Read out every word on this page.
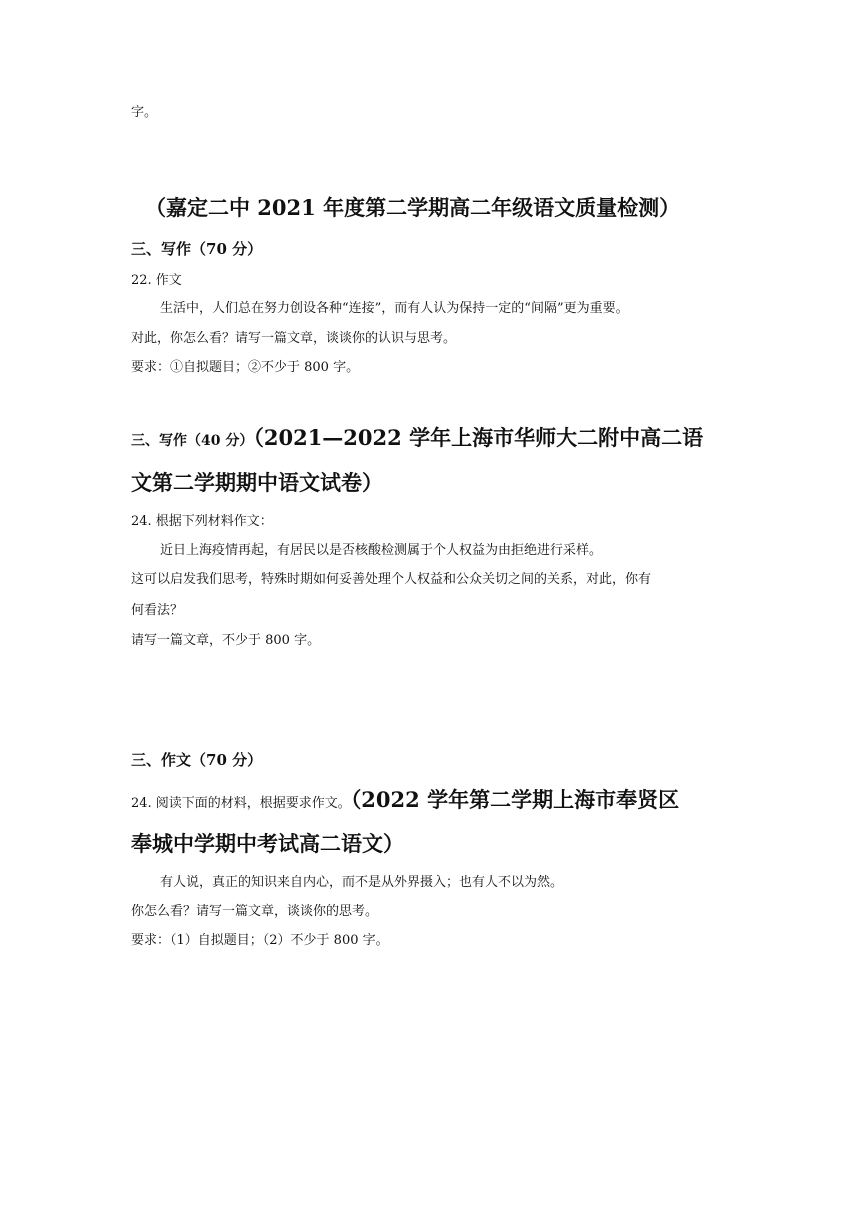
字。
（嘉定二中 2021 年度第二学期高二年级语文质量检测）
三、写作（70 分）
22. 作文
生活中，人们总在努力创设各种“连接”，而有人认为保持一定的“间隔”更为重要。
对此，你怎么看？请写一篇文章，谈谈你的认识与思考。
要求：①自拟题目；②不少于 800 字。
三、写作（40 分）（2021—2022 学年上海市华师大二附中高二语
文第二学期期中语文试卷）
24. 根据下列材料作文：
近日上海疫情再起，有居民以是否核酸检测属于个人权益为由拒绝进行采样。
这可以启发我们思考，特殊时期如何妥善处理个人权益和公众关切之间的关系，对此，你有
何看法？
请写一篇文章，不少于 800 字。
三、作文（70 分）
24. 阅读下面的材料，根据要求作文。（2022 学年第二学期上海市奉贤区
奉城中学期中考试高二语文）
有人说，真正的知识来自内心，而不是从外界摄入；也有人不以为然。
你怎么看？请写一篇文章，谈谈你的思考。
要求：（1）自拟题目；（2）不少于 800 字。
